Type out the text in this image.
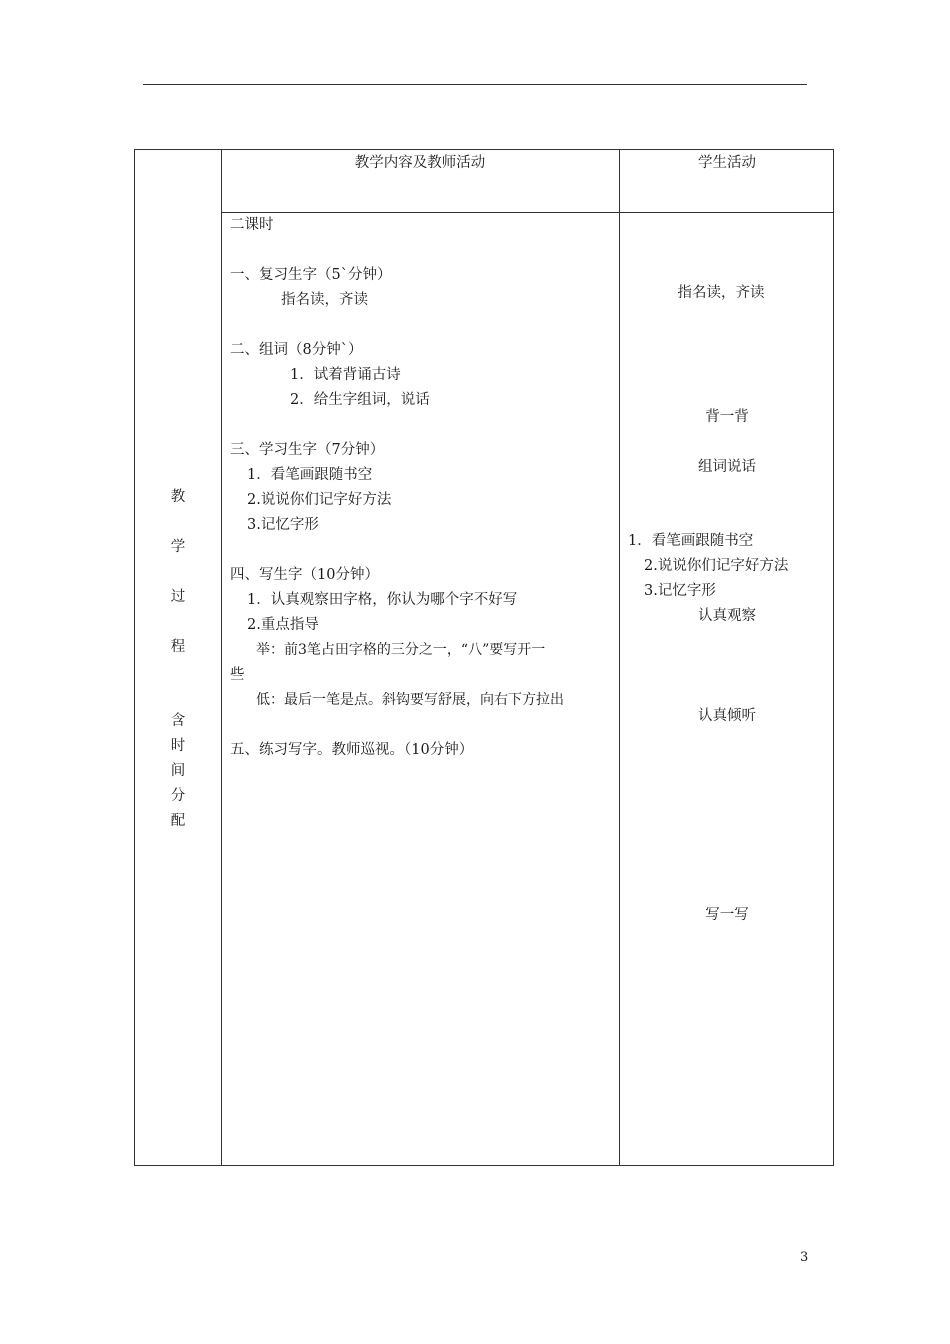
教学内容及教师活动	学生活动
教
学
过
程
含
时
间
分
配
二课时
一、复习生字（5`分钟）
指名读，齐读
二、组词（8分钟`）
1．试着背诵古诗
2．给生字组词，说话
三、学习生字（7分钟）
1．看笔画跟随书空
2.说说你们记字好方法
3.记忆字形
四、写生字（10分钟）
1．认真观察田字格，你认为哪个字不好写
2.重点指导
举：前3笔占田字格的三分之一，“八”要写开一
些
低：最后一笔是点。斜钩要写舒展，向右下方拉出
五、练习写字。教师巡视。（10分钟）
指名读，齐读
背一背
组词说话
1．看笔画跟随书空
2.说说你们记字好方法
3.记忆字形
认真观察
认真倾听
写一写
3
